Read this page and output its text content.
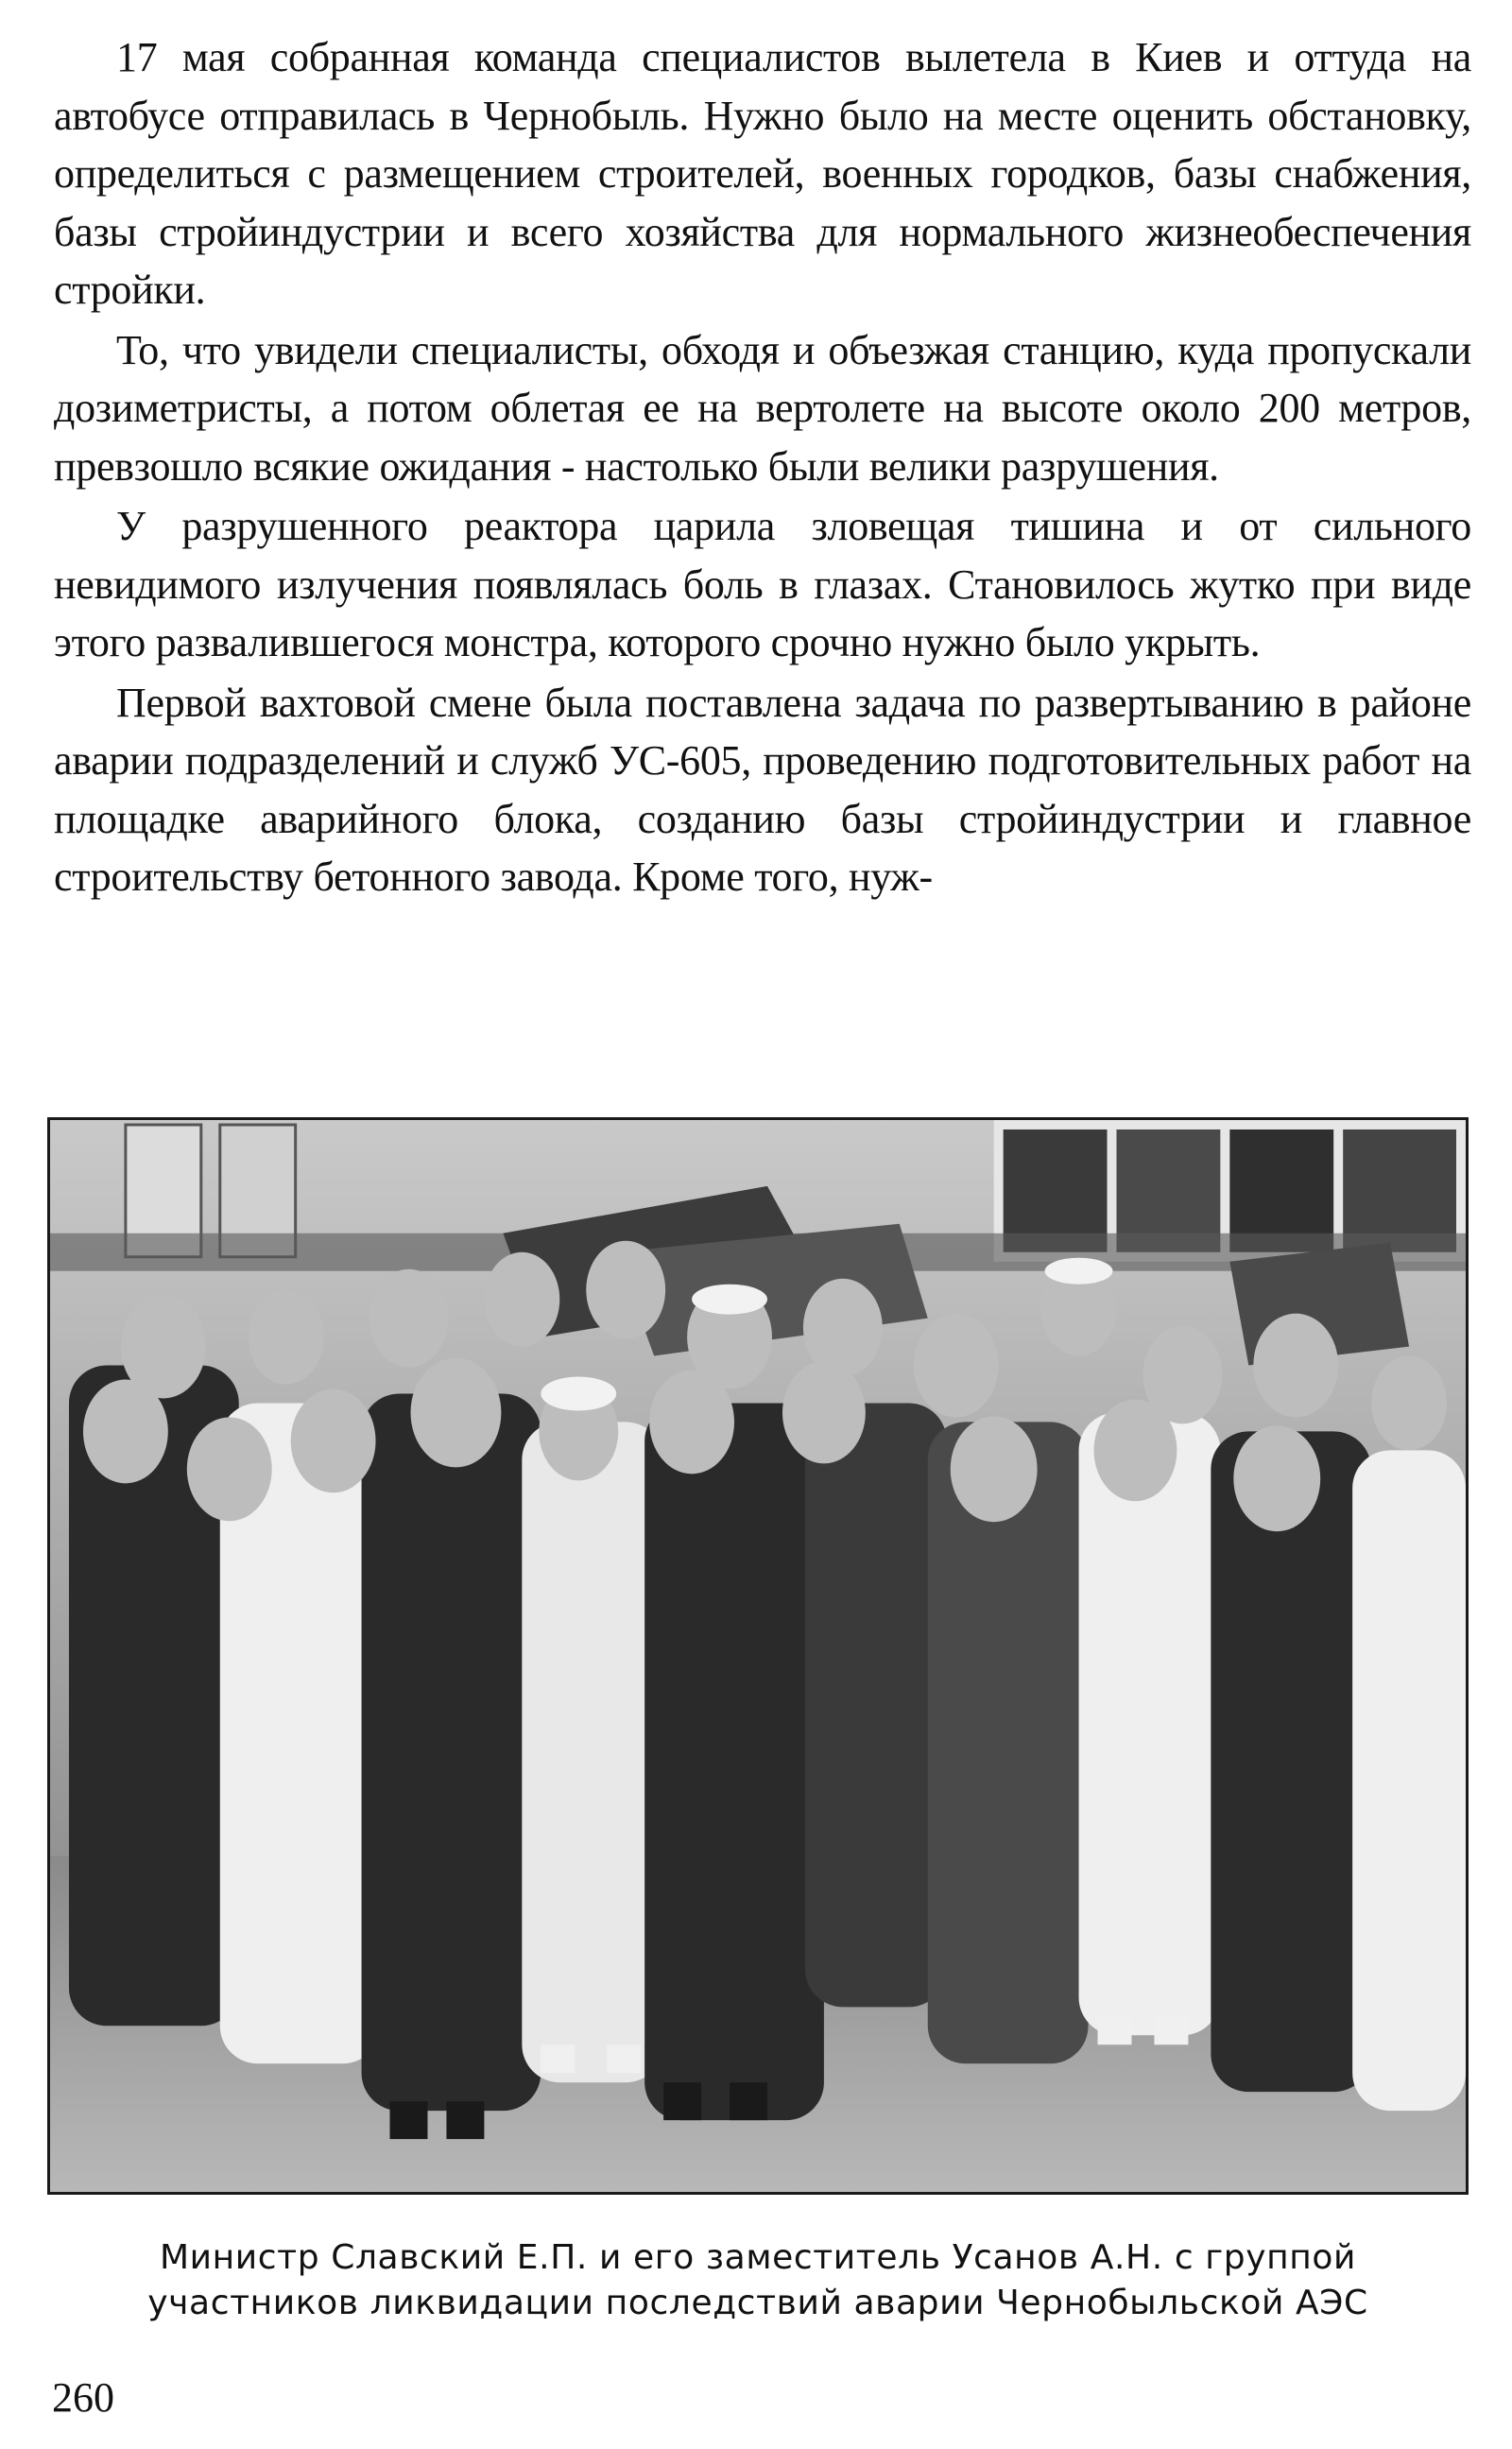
17 мая собранная команда специалистов вылетела в Киев и оттуда на автобусе отправилась в Чернобыль. Нужно было на месте оценить обстановку, определиться с размещением строителей, военных городков, базы снабжения, базы стройиндустрии и всего хозяйства для нормального жизнеобеспечения стройки.

То, что увидели специалисты, обходя и объезжая станцию, куда пропускали дозиметристы, а потом облетая ее на вертолете на высоте около 200 метров, превзошло всякие ожидания - настолько были велики разрушения.

У разрушенного реактора царила зловещая тишина и от сильного невидимого излучения появлялась боль в глазах. Становилось жутко при виде этого развалившегося монстра, которого срочно нужно было укрыть.

Первой вахтовой смене была поставлена задача по развертыванию в районе аварии подразделений и служб УС-605, проведению подготовительных работ на площадке аварийного блока, созданию базы стройиндустрии и главное строительству бетонного завода. Кроме того, нуж-

Министр Славский Е.П. и его заместитель Усанов А.Н. с группой
участников ликвидации последствий аварии Чернобыльской АЭС
260
